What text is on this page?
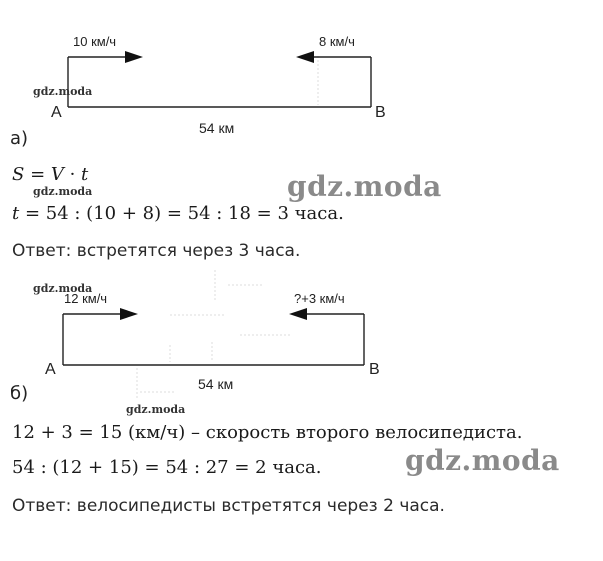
10 км/ч	8 км/ч
A	B
54 км
а)
S = V · t
t = 54 : (10 + 8) = 54 : 18 = 3 часа.
Ответ: встретятся через 3 часа.
12 км/ч	?+3 км/ч
A	B
54 км
б)
12 + 3 = 15 (км/ч) – скорость второго велосипедиста.
54 : (12 + 15) = 54 : 27 = 2 часа.
Ответ: велосипедисты встретятся через 2 часа.
gdz.moda
gdz.moda
gdz.moda
gdz.moda
gdz.moda
gdz.moda
